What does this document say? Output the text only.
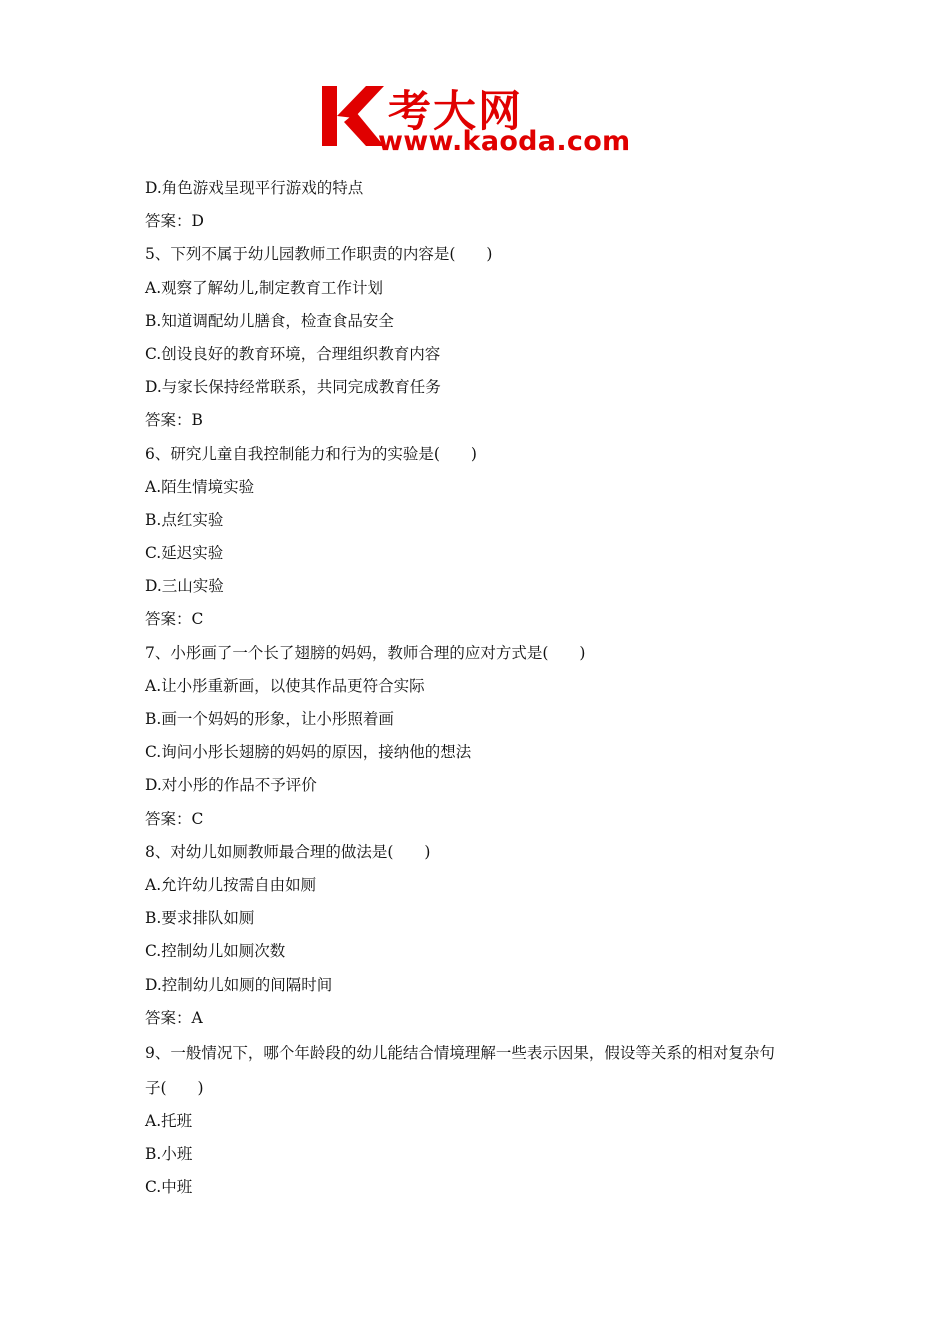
考大网
www.kaoda.com
D.角色游戏呈现平行游戏的特点
答案：D
5、下列不属于幼儿园教师工作职责的内容是(　　)
A.观察了解幼儿,制定教育工作计划
B.知道调配幼儿膳食，检查食品安全
C.创设良好的教育环境，合理组织教育内容
D.与家长保持经常联系，共同完成教育任务
答案：B
6、研究儿童自我控制能力和行为的实验是(　　)
A.陌生情境实验
B.点红实验
C.延迟实验
D.三山实验
答案：C
7、小彤画了一个长了翅膀的妈妈，教师合理的应对方式是(　　)
A.让小彤重新画，以使其作品更符合实际
B.画一个妈妈的形象，让小彤照着画
C.询问小彤长翅膀的妈妈的原因，接纳他的想法
D.对小彤的作品不予评价
答案：C
8、对幼儿如厕教师最合理的做法是(　　)
A.允许幼儿按需自由如厕
B.要求排队如厕
C.控制幼儿如厕次数
D.控制幼儿如厕的间隔时间
答案：A
9、一般情况下，哪个年龄段的幼儿能结合情境理解一些表示因果，假设等关系的相对复杂句
子(　　)
A.托班
B.小班
C.中班
